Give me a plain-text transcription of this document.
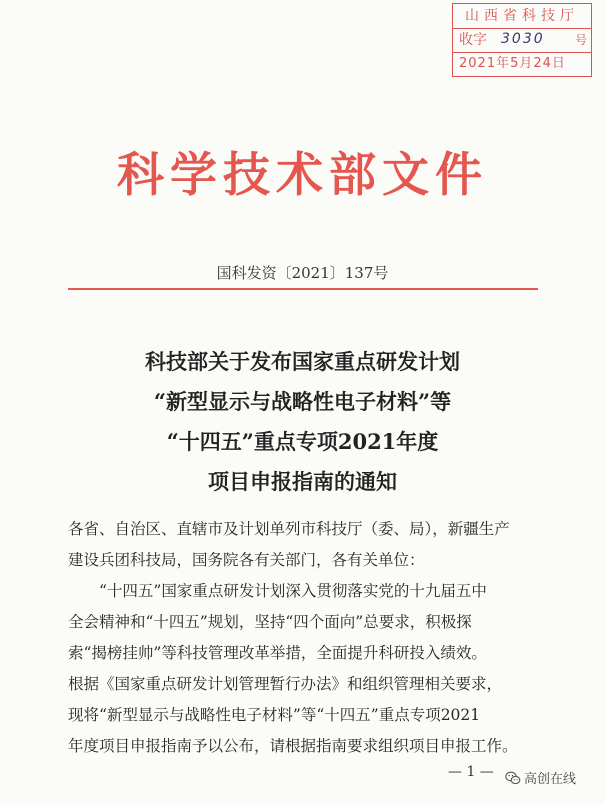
山西省科技厅
收字 3030	号
2021年5月24日
科学技术部文件
国科发资〔2021〕137号
科技部关于发布国家重点研发计划
“新型显示与战略性电子材料”等
“十四五”重点专项2021年度
项目申报指南的通知
各省、自治区、直辖市及计划单列市科技厅（委、局），新疆生产
建设兵团科技局，国务院各有关部门，各有关单位：
“十四五”国家重点研发计划深入贯彻落实党的十九届五中
全会精神和“十四五”规划，坚持“四个面向”总要求，积极探
索“揭榜挂帅”等科技管理改革举措，全面提升科研投入绩效。
根据《国家重点研发计划管理暂行办法》和组织管理相关要求，
现将“新型显示与战略性电子材料”等“十四五”重点专项2021
年度项目申报指南予以公布，请根据指南要求组织项目申报工作。
— 1 — 高创在线
